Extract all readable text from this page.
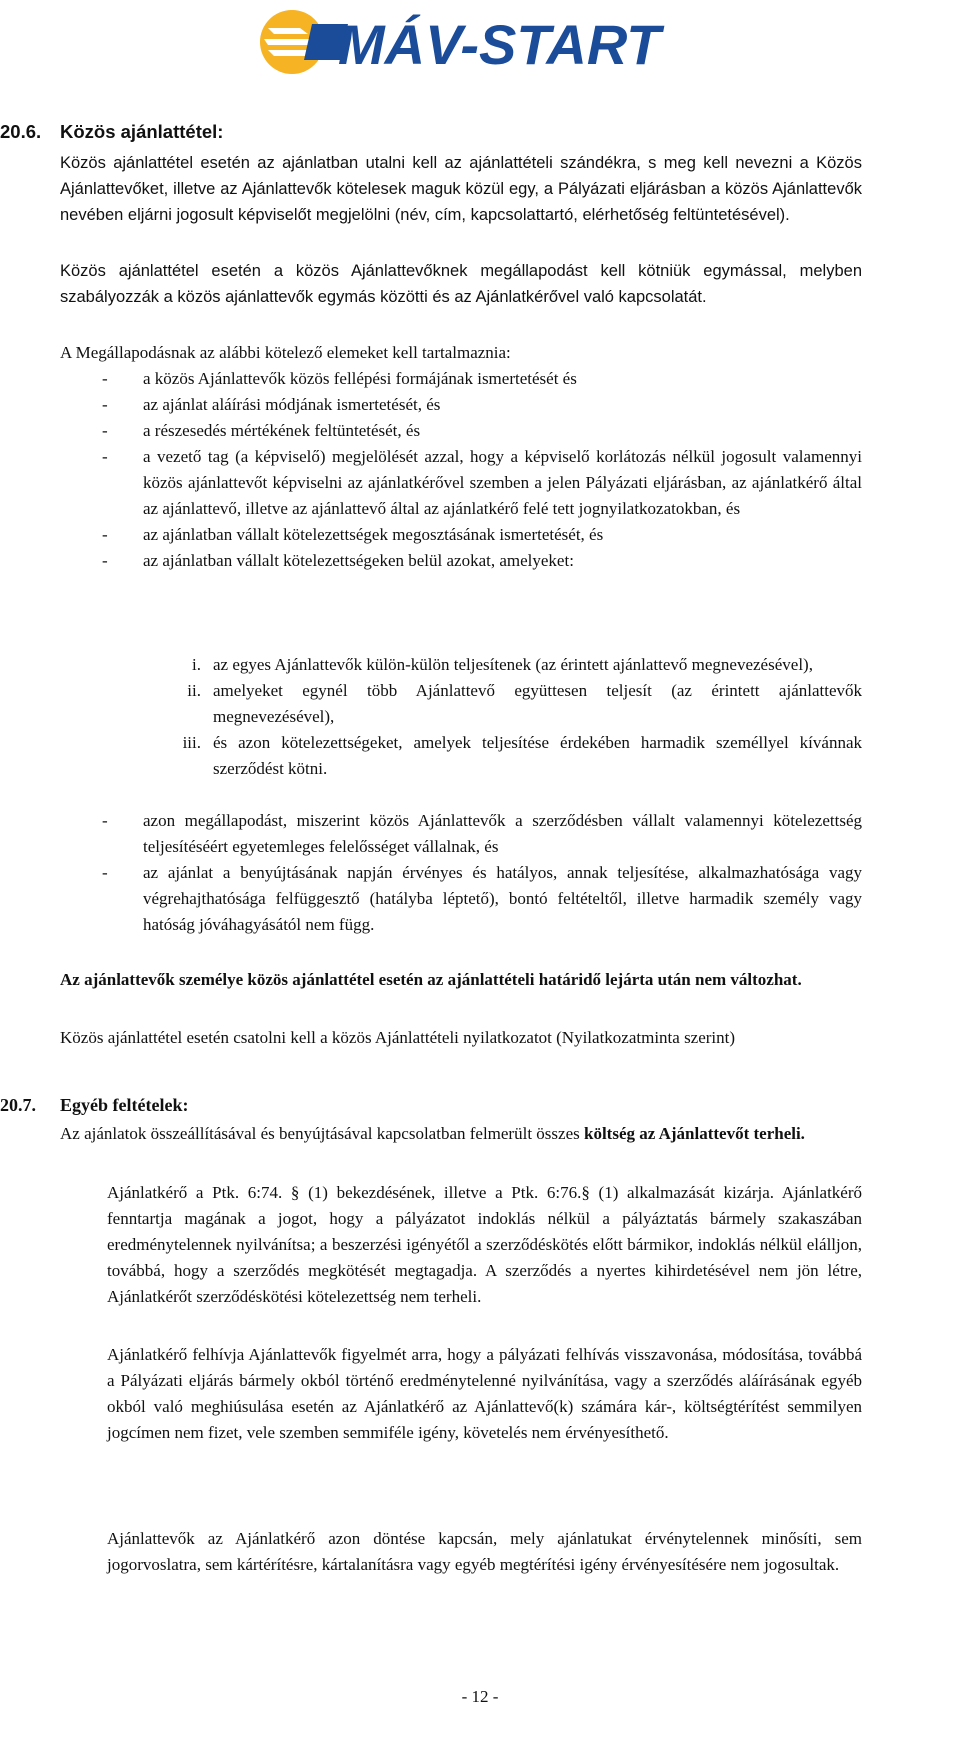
MÁV-START
20.6. Közös ajánlattétel:

Közös ajánlattétel esetén az ajánlatban utalni kell az ajánlattételi szándékra, s meg kell nevezni a Közös Ajánlattevőket, illetve az Ajánlattevők kötelesek maguk közül egy, a Pályázati eljárásban a közös Ajánlattevők nevében eljárni jogosult képviselőt megjelölni (név, cím, kapcsolattartó, elérhetőség feltüntetésével).

Közös ajánlattétel esetén a közös Ajánlattevőknek megállapodást kell kötniük egymással, melyben szabályozzák a közös ajánlattevők egymás közötti és az Ajánlatkérővel való kapcsolatát.

A Megállapodásnak az alábbi kötelező elemeket kell tartalmaznia:

- a közös Ajánlattevők közös fellépési formájának ismertetését és
- az ajánlat aláírási módjának ismertetését, és
- a részesedés mértékének feltüntetését, és
- a vezető tag (a képviselő) megjelölését azzal, hogy a képviselő korlátozás nélkül jogosult valamennyi közös ajánlattevőt képviselni az ajánlatkérővel szemben a jelen Pályázati eljárásban, az ajánlatkérő által az ajánlattevő, illetve az ajánlattevő által az ajánlatkérő felé tett jognyilatkozatokban, és
- az ajánlatban vállalt kötelezettségek megosztásának ismertetését, és
- az ajánlatban vállalt kötelezettségeken belül azokat, amelyeket:
i. az egyes Ajánlattevők külön-külön teljesítenek (az érintett ajánlattevő megnevezésével),
ii. amelyeket egynél több Ajánlattevő együttesen teljesít (az érintett ajánlattevők megnevezésével),
iii. és azon kötelezettségeket, amelyek teljesítése érdekében harmadik személlyel kívánnak szerződést kötni.
- azon megállapodást, miszerint közös Ajánlattevők a szerződésben vállalt valamennyi kötelezettség teljesítéséért egyetemleges felelősséget vállalnak, és
- az ajánlat a benyújtásának napján érvényes és hatályos, annak teljesítése, alkalmazhatósága vagy végrehajthatósága felfüggesztő (hatályba léptető), bontó feltételtől, illetve harmadik személy vagy hatóság jóváhagyásától nem függ.

Az ajánlattevők személye közös ajánlattétel esetén az ajánlattételi határidő lejárta után nem változhat.

Közös ajánlattétel esetén csatolni kell a közös Ajánlattételi nyilatkozatot (Nyilatkozatminta szerint)

20.7. Egyéb feltételek:

Az ajánlatok összeállításával és benyújtásával kapcsolatban felmerült összes költség az Ajánlattevőt terheli.

Ajánlatkérő a Ptk. 6:74. § (1) bekezdésének, illetve a Ptk. 6:76.§ (1) alkalmazását kizárja. Ajánlatkérő fenntartja magának a jogot, hogy a pályázatot indoklás nélkül a pályáztatás bármely szakaszában eredménytelennek nyilvánítsa; a beszerzési igényétől a szerződéskötés előtt bármikor, indoklás nélkül elálljon, továbbá, hogy a szerződés megkötését megtagadja. A szerződés a nyertes kihirdetésével nem jön létre, Ajánlatkérőt szerződéskötési kötelezettség nem terheli.

Ajánlatkérő felhívja Ajánlattevők figyelmét arra, hogy a pályázati felhívás visszavonása, módosítása, továbbá a Pályázati eljárás bármely okból történő eredménytelenné nyilvánítása, vagy a szerződés aláírásának egyéb okból való meghiúsulása esetén az Ajánlatkérő az Ajánlattevő(k) számára kár-, költségtérítést semmilyen jogcímen nem fizet, vele szemben semmiféle igény, követelés nem érvényesíthető.

Ajánlattevők az Ajánlatkérő azon döntése kapcsán, mely ajánlatukat érvénytelennek minősíti, sem jogorvoslatra, sem kártérítésre, kártalanításra vagy egyéb megtérítési igény érvényesítésére nem jogosultak.

- 12 -
